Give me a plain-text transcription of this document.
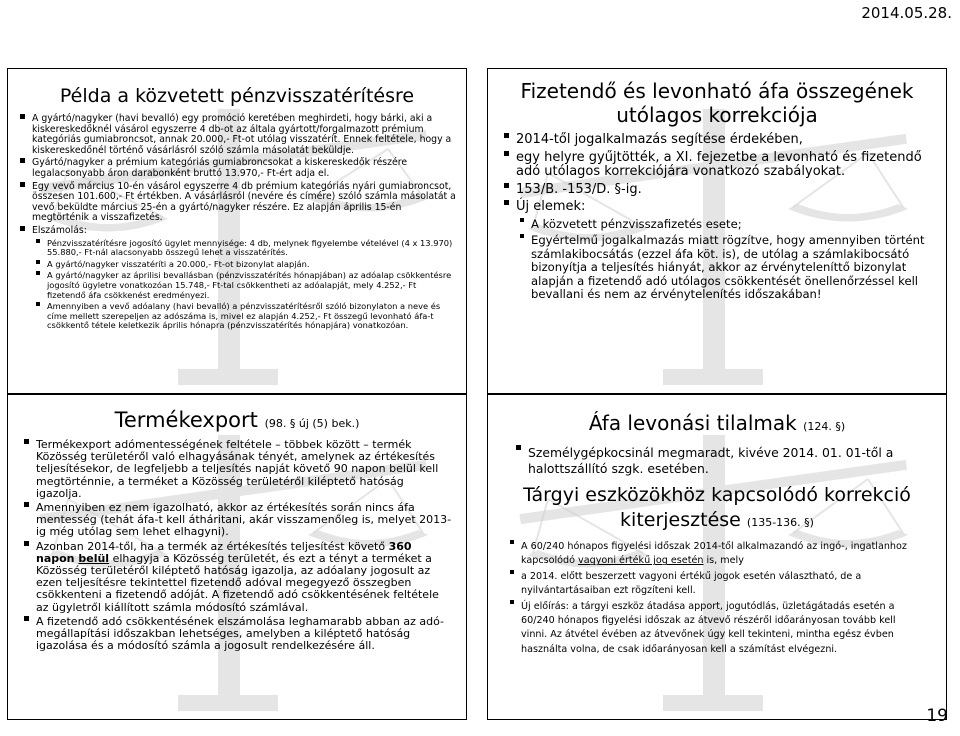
2014.05.28.
Példa a közvetett pénzvisszatérítésre
A gyártó/nagyker (havi bevalló) egy promóció keretében meghirdeti, hogy bárki, aki a kiskereskedőknél vásárol egyszerre 4 db-ot az általa gyártott/forgalmazott prémium kategóriás gumiabroncsot, annak 20.000,- Ft-ot utólag visszatérít. Ennek feltétele, hogy a kiskereskedőnél történő vásárlásról szóló számla másolatát beküldje.
Gyártó/nagyker a prémium kategóriás gumiabroncsokat a kiskereskedők részére legalacsonyabb áron darabonként bruttó 13.970,- Ft-ért adja el.
Egy vevő március 10-én vásárol egyszerre 4 db prémium kategóriás nyári gumiabroncsot, összesen 101.600,- Ft értékben. A vásárlásról (nevére és címére) szóló számla másolatát a vevő beküldte március 25-én a gyártó/nagyker részére. Ez alapján április 15-én megtörténik a visszafizetés.
Elszámolás:
Pénzvisszatérítésre jogosító ügylet mennyisége: 4 db, melynek figyelembe vételével (4 x 13.970) 55.880,- Ft-nál alacsonyabb összegű lehet a visszatérítés.
A gyártó/nagyker visszatéríti a 20.000,- Ft-ot bizonylat alapján.
A gyártó/nagyker az áprilisi bevallásban (pénzvisszatérítés hónapjában) az adóalap csökkentésre jogosító ügyletre vonatkozóan 15.748,- Ft-tal csökkentheti az adóalapját, mely 4.252,- Ft fizetendő áfa csökkenést eredményezi.
Amennyiben a vevő adóalany (havi bevalló) a pénzvisszatérítésről szóló bizonylaton a neve és címe mellett szerepeljen az adószáma is, mivel ez alapján 4.252,- Ft összegű levonható áfa-t csökkentő tétele keletkezik április hónapra (pénzvisszatérítés hónapjára) vonatkozóan.
Fizetendő és levonható áfa összegének utólagos korrekciója
2014-től jogalkalmazás segítése érdekében,
egy helyre gyűjtötték, a XI. fejezetbe a levonható és fizetendő adó utólagos korrekciójára vonatkozó szabályokat.
153/B. -153/D. §-ig.
Új elemek:
A közvetett pénzvisszafizetés esete;
Egyértelmű jogalkalmazás miatt rögzítve, hogy amennyiben történt számlakibocsátás (ezzel áfa köt. is), de utólag a számlakibocsátó bizonyítja a teljesítés hiányát, akkor az érvényteleníttő bizonylat alapján a fizetendő adó utólagos csökkentését önellenőrzéssel kell bevallani és nem az érvénytelenítés időszakában!
Termékexport (98. § új (5) bek.)
Termékexport adómentességének feltétele – többek között – termék Közösség területéről való elhagyásának tényét, amelynek az értékesítés teljesítésekor, de legfeljebb a teljesítés napját követő 90 napon belül kell megtörténnie, a terméket a Közösség területéről kiléptető hatóság igazolja.
Amennyiben ez nem igazolható, akkor az értékesítés során nincs áfa mentesség (tehát áfa-t kell átháritani, akár visszamenőleg is, melyet 2013-ig még utólag sem lehet elhagyni).
Azonban 2014-től, ha a termék az értékesítés teljesítést követő 360 napon belül elhagyja a Közösség területét, és ezt a tényt a terméket a Közösség területéről kiléptető hatóság igazolja, az adóalany jogosult az ezen teljesítésre tekintettel fizetendő adóval megegyező összegben csökkenteni a fizetendő adóját. A fizetendő adó csökkentésének feltétele az ügyletről kiállított számla módosító számlával.
A fizetendő adó csökkentésének elszámolása leghamarabb abban az adó-megállapítási időszakban lehetséges, amelyben a kiléptető hatóság igazolása és a módosító számla a jogosult rendelkezésére áll.
Áfa levonási tilalmak (124. §)
Személygépkocsinál megmaradt, kivéve 2014. 01. 01-től a halottszállító szgk. esetében.
Tárgyi eszközökhöz kapcsolódó korrekció kiterjesztése (135-136. §)
A 60/240 hónapos figyelési időszak 2014-től alkalmazandó az ingó-, ingatlanhoz kapcsolódó vagyoni értékű jog esetén is, mely
a 2014. előtt beszerzett vagyoni értékű jogok esetén választható, de a nyilvántartásaiban ezt rögzíteni kell.
Új előírás: a tárgyi eszköz átadása apport, jogutódlás, üzletágátadás esetén a 60/240 hónapos figyelési időszak az átvevő részéről időarányosan tovább kell vinni. Az átvétel évében az átvevőnek úgy kell tekinteni, mintha egész évben használta volna, de csak időarányosan kell a számítást elvégezni.
19
